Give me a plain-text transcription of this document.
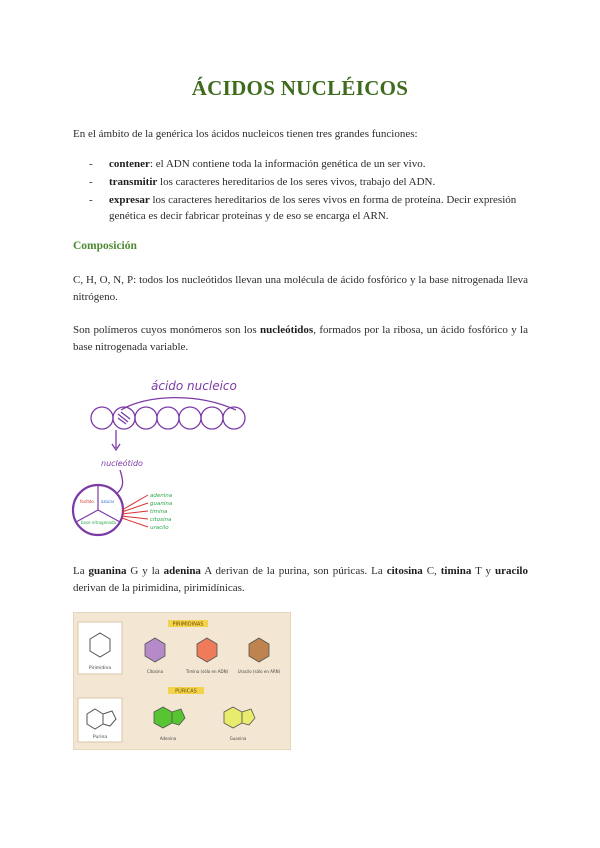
ÁCIDOS NUCLÉICOS
En el ámbito de la genérica los ácidos nucleicos tienen tres grandes funciones:
- contener: el ADN contiene toda la información genética de un ser vivo.
- transmitir los caracteres hereditarios de los seres vivos, trabajo del ADN.
- expresar los caracteres hereditarios de los seres vivos en forma de proteína. Decir expresión genética es decir fabricar proteínas y de eso se encarga el ARN.
Composición
C, H, O, N, P: todos los nucleótidos llevan una molécula de ácido fosfórico y la base nitrogenada lleva nitrógeno.
Son polímeros cuyos monómeros son los nucleótidos, formados por la ribosa, un ácido fosfórico y la base nitrogenada variable.
ácido nucleico
nucleótido
fosfato azúcar
base nitrogenada
adenina
guanina
timina
citosina
uracilo
La guanina G y la adenina A derivan de la purina, son púricas. La citosina C, timina T y uracilo derivan de la pirimidina, pirimidínicas.
Pirimidina
PIRIMIDINAS
Citosina	Timina (sólo en ADN) Uracilo (sólo en ARN)
PÚRICAS
Purina	Adenina	Guanina
